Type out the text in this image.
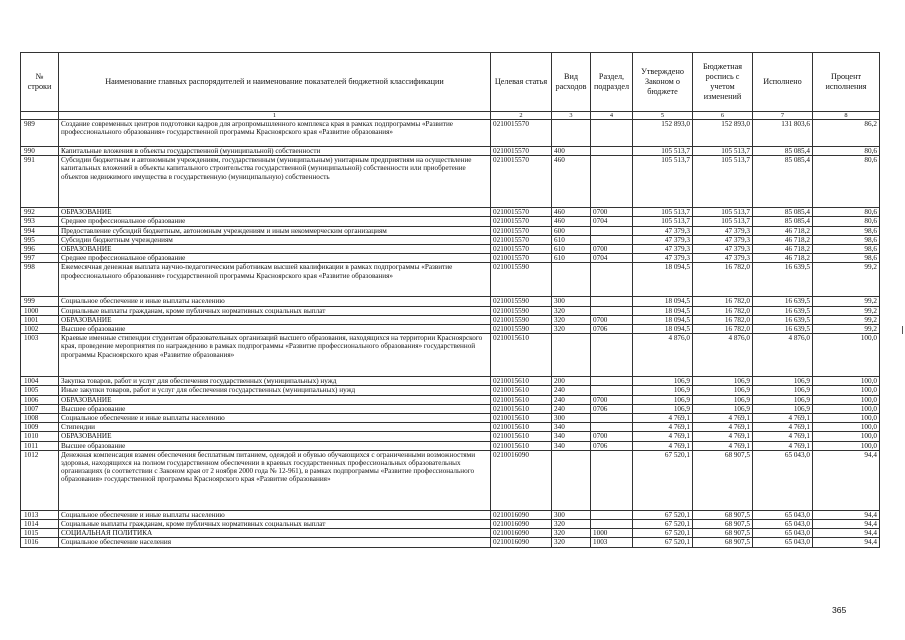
№ строки	Наименование главных распорядителей и наименование показателей бюджетной классификации	Целевая статья	Вид расходов	Раздел, подраздел	Утверждено Законом о бюджете	Бюджетная роспись с учетом изменений	Исполнено	Процент исполнения
	1	2	3	4	5	6	7	8
989	Создание современных центров подготовки кадров для агропромышленного комплекса края в рамках подпрограммы «Развитие профессионального образования» государственной программы Красноярского края «Развитие образования»	0210015570			152 893,0	152 893,0	131 803,6	86,2
990	Капитальные вложения в объекты государственной (муниципальной) собственности	0210015570	400		105 513,7	105 513,7	85 085,4	80,6
991	Субсидии бюджетным и автономным учреждениям, государственным (муниципальным) унитарным предприятиям на осуществление капитальных вложений в объекты капитального строительства государственной (муниципальной) собственности или приобретение объектов недвижимого имущества в государственную (муниципальную) собственность	0210015570	460		105 513,7	105 513,7	85 085,4	80,6
992	ОБРАЗОВАНИЕ	0210015570	460	0700	105 513,7	105 513,7	85 085,4	80,6
993	Среднее профессиональное образование	0210015570	460	0704	105 513,7	105 513,7	85 085,4	80,6
994	Предоставление субсидий бюджетным, автономным учреждениям и иным некоммерческим организациям	0210015570	600		47 379,3	47 379,3	46 718,2	98,6
995	Субсидии бюджетным учреждениям	0210015570	610		47 379,3	47 379,3	46 718,2	98,6
996	ОБРАЗОВАНИЕ	0210015570	610	0700	47 379,3	47 379,3	46 718,2	98,6
997	Среднее профессиональное образование	0210015570	610	0704	47 379,3	47 379,3	46 718,2	98,6
998	Ежемесячная денежная выплата научно-педагогическим работникам высшей квалификации в рамках подпрограммы «Развитие профессионального образования» государственной программы Красноярского края «Развитие образования»	0210015590			18 094,5	16 782,0	16 639,5	99,2
999	Социальное обеспечение и иные выплаты населению	0210015590	300		18 094,5	16 782,0	16 639,5	99,2
1000	Социальные выплаты гражданам, кроме публичных нормативных социальных выплат	0210015590	320		18 094,5	16 782,0	16 639,5	99,2
1001	ОБРАЗОВАНИЕ	0210015590	320	0700	18 094,5	16 782,0	16 639,5	99,2
1002	Высшее образование	0210015590	320	0706	18 094,5	16 782,0	16 639,5	99,2
1003	Краевые именные стипендии студентам образовательных организаций высшего образования, находящихся на территории Красноярского края, проведение мероприятия по награждению в рамках подпрограммы «Развитие профессионального образования» государственной программы Красноярского края «Развитие образования»	0210015610			4 876,0	4 876,0	4 876,0	100,0
1004	Закупка товаров, работ и услуг для обеспечения государственных (муниципальных) нужд	0210015610	200		106,9	106,9	106,9	100,0
1005	Иные закупки товаров, работ и услуг для обеспечения государственных (муниципальных) нужд	0210015610	240		106,9	106,9	106,9	100,0
1006	ОБРАЗОВАНИЕ	0210015610	240	0700	106,9	106,9	106,9	100,0
1007	Высшее образование	0210015610	240	0706	106,9	106,9	106,9	100,0
1008	Социальное обеспечение и иные выплаты населению	0210015610	300		4 769,1	4 769,1	4 769,1	100,0
1009	Стипендии	0210015610	340		4 769,1	4 769,1	4 769,1	100,0
1010	ОБРАЗОВАНИЕ	0210015610	340	0700	4 769,1	4 769,1	4 769,1	100,0
1011	Высшее образование	0210015610	340	0706	4 769,1	4 769,1	4 769,1	100,0
1012	Денежная компенсация взамен обеспечения бесплатным питанием, одеждой и обувью обучающихся с ограниченными возможностями здоровья, находящихся на полном государственном обеспечении в краевых государственных профессиональных образовательных организациях (в соответствии с Законом края от 2 ноября 2000 года № 12-961), в рамках подпрограммы «Развитие профессионального образования» государственной программы Красноярского края «Развитие образования»	0210016090			67 520,1	68 907,5	65 043,0	94,4
1013	Социальное обеспечение и иные выплаты населению	0210016090	300		67 520,1	68 907,5	65 043,0	94,4
1014	Социальные выплаты гражданам, кроме публичных нормативных социальных выплат	0210016090	320		67 520,1	68 907,5	65 043,0	94,4
1015	СОЦИАЛЬНАЯ ПОЛИТИКА	0210016090	320	1000	67 520,1	68 907,5	65 043,0	94,4
1016	Социальное обеспечение населения	0210016090	320	1003	67 520,1	68 907,5	65 043,0	94,4
365
